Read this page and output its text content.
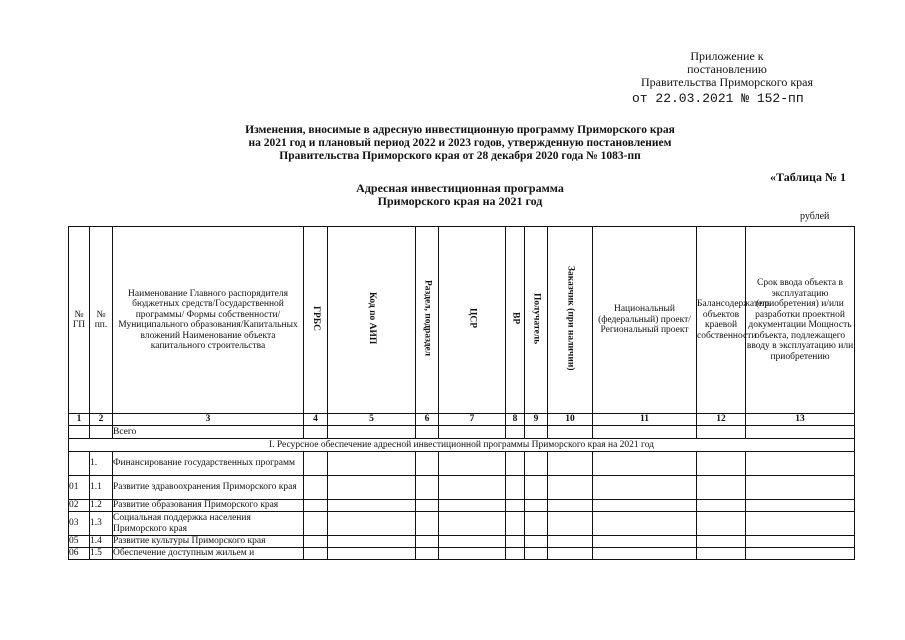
Приложение к
постановлению
Правительства Приморского края
от 22.03.2021 № 152-пп
Изменения, вносимые в адресную инвестиционную программу Приморского края
на 2021 год и плановый период 2022 и 2023 годов, утвержденную постановлением
Правительства Приморского края от 28 декабря 2020 года № 1083-пп
«Таблица № 1
Адресная инвестиционная программа
Приморского края на 2021 год
рублей
№ ГП	№ пп.	Наименование Главного распорядителя бюджетных средств/Государственной программы/ Формы собственности/Муниципального образования/Капитальных вложений Наименование объекта капитального строительства	ГРБС	Код по АИП	Раздел, подраздел	ЦСР	ВР	Получатель	Заказчик (при наличии)	Национальный (федеральный) проект/Региональный проект	Балансодержатель объектов краевой собственности	Срок ввода объекта в эксплуатацию (приобретения) и/или разработки проектной документации Мощность объекта, подлежащего вводу в эксплуатацию или приобретению
1	2	3	4	5	6	7	8	9	10	11	12	13
		Всего										
I. Ресурсное обеспечение адресной инвестиционной программы Приморского края на 2021 год												
	1.	Финансирование государственных программ										
01	1.1	Развитие здравоохранения Приморского края										
02	1.2	Развитие образования Приморского края										
03	1.3	Социальная поддержка населения Приморского края										
05	1.4	Развитие культуры Приморского края										
06	1.5	Обеспечение доступным жильем и										
